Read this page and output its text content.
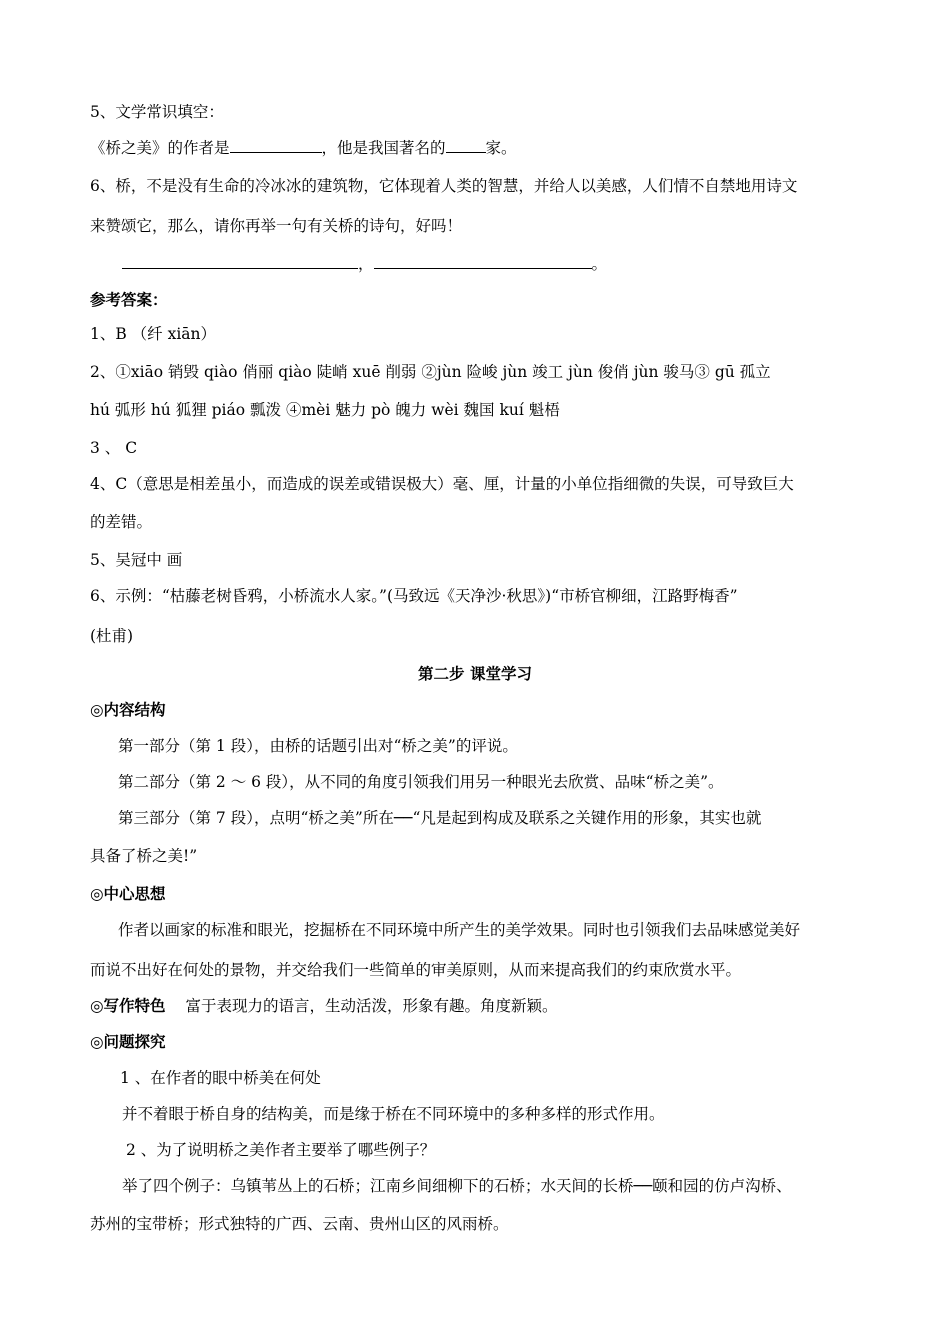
5、文学常识填空：
《桥之美》的作者是	，他是我国著名的	家。
6、桥，不是没有生命的冷冰冰的建筑物，它体现着人类的智慧，并给人以美感，人们情不自禁地用诗文
来赞颂它，那么，请你再举一句有关桥的诗句，好吗！
，	。
参考答案：
1、B （纤 xiān）
2、①xiāo 销毁 qiào 俏丽 qiào 陡峭 xuē 削弱 ②jùn 险峻 jùn 竣工 jùn 俊俏 jùn 骏马③ gū 孤立
hú 弧形 hú 狐狸 piáo 瓢泼 ④mèi 魅力 pò 魄力 wèi 魏国 kuí 魁梧
3 、 C
4、C（意思是相差虽小，而造成的误差或错误极大）毫、厘，计量的小单位指细微的失误，可导致巨大
的差错。
5、吴冠中 画
6、示例：“枯藤老树昏鸦，小桥流水人家。”(马致远《天净沙·秋思》)“市桥官柳细，江路野梅香”
(杜甫)
第二步 课堂学习
◎内容结构
第一部分（第 1 段），由桥的话题引出对“桥之美”的评说。
第二部分（第 2 ～ 6 段），从不同的角度引领我们用另一种眼光去欣赏、品味“桥之美”。
第三部分（第 7 段），点明“桥之美”所在──“凡是起到构成及联系之关键作用的形象，其实也就
具备了桥之美!”
◎中心思想
作者以画家的标准和眼光，挖掘桥在不同环境中所产生的美学效果。同时也引领我们去品味感觉美好
而说不出好在何处的景物，并交给我们一些简单的审美原则，从而来提高我们的约束欣赏水平。
◎写作特色 富于表现力的语言，生动活泼，形象有趣。角度新颖。
◎问题探究
1 、在作者的眼中桥美在何处
并不着眼于桥自身的结构美，而是缘于桥在不同环境中的多种多样的形式作用。
2 、为了说明桥之美作者主要举了哪些例子？
举了四个例子：乌镇苇丛上的石桥；江南乡间细柳下的石桥；水天间的长桥──颐和园的仿卢沟桥、
苏州的宝带桥；形式独特的广西、云南、贵州山区的风雨桥。
